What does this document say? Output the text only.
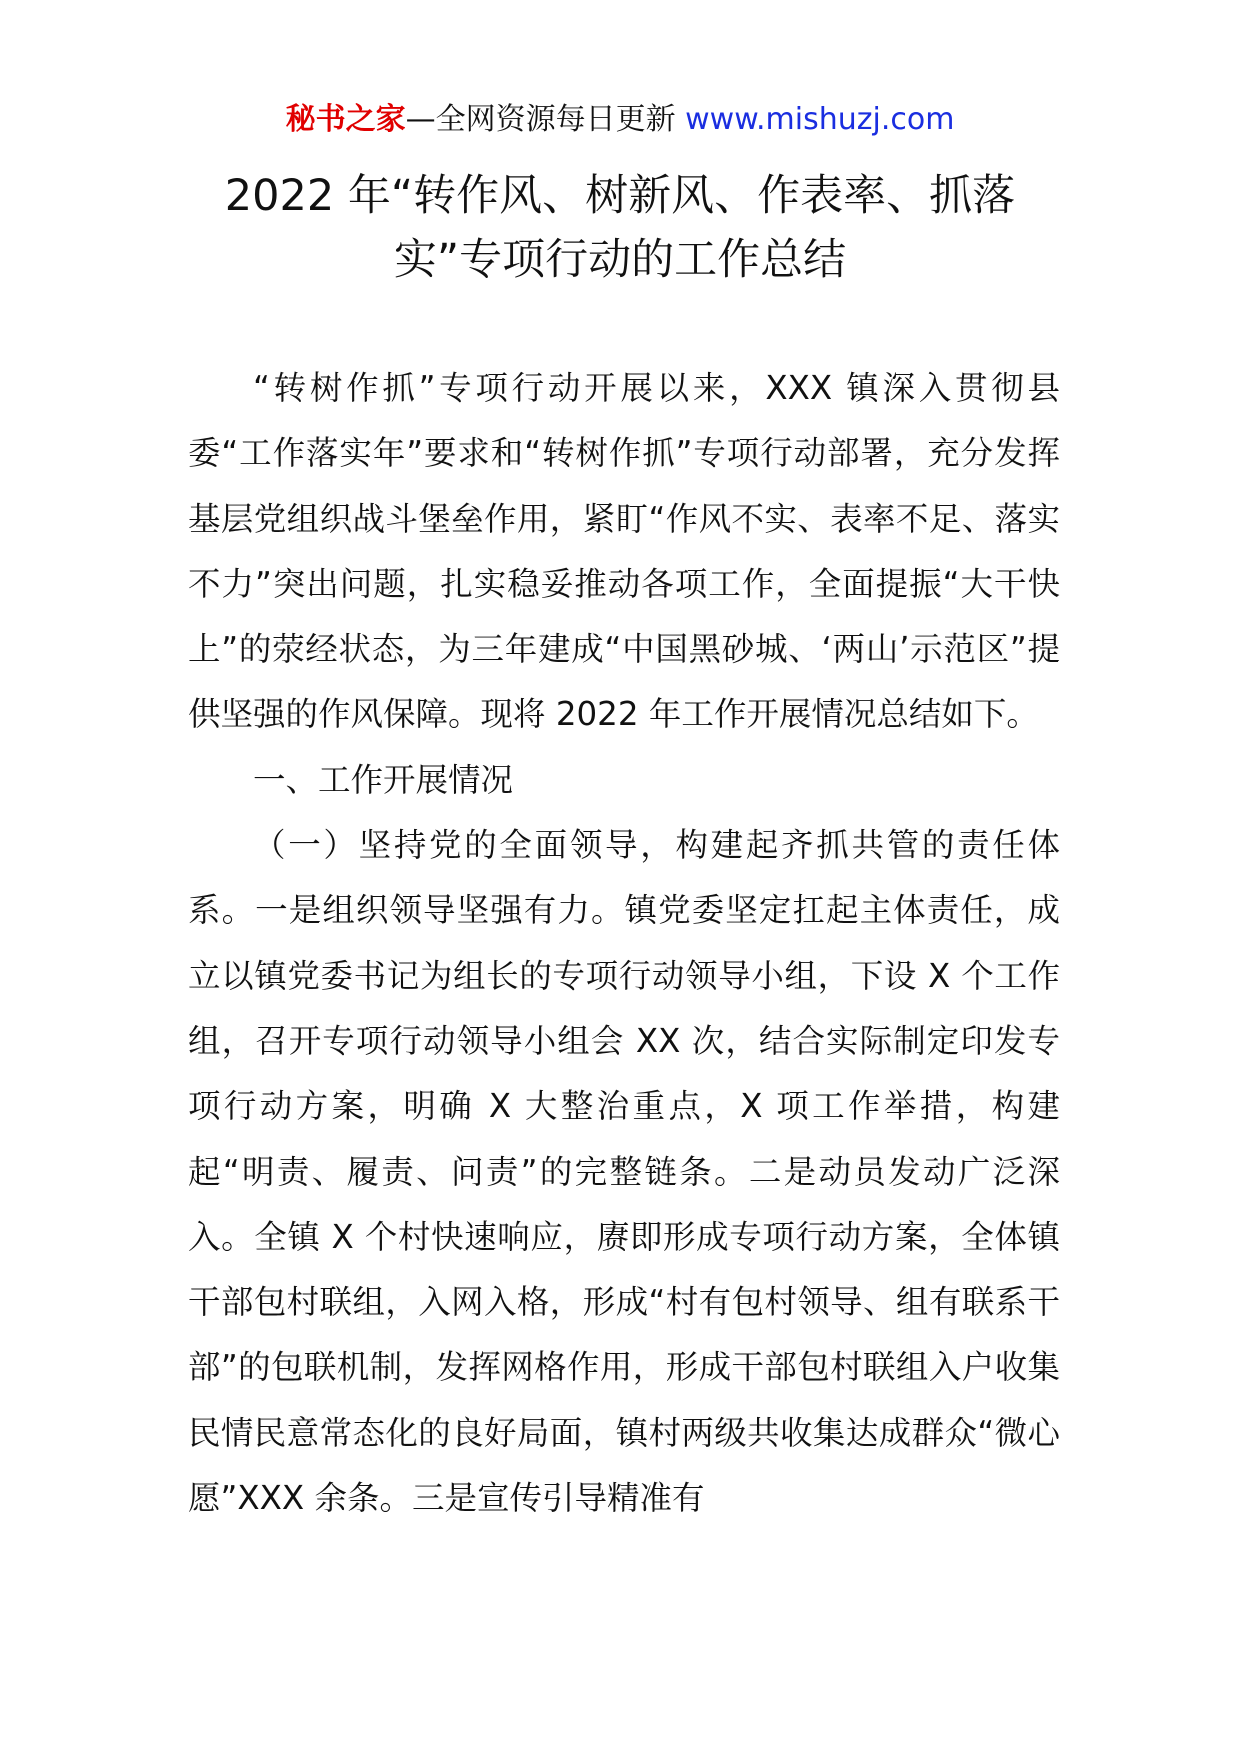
秘书之家—全网资源每日更新 www.mishuzj.com
2022 年“转作风、树新风、作表率、抓落
实”专项行动的工作总结

“转树作抓”专项行动开展以来，XXX 镇深入贯彻县委“工作落实年”要求和“转树作抓”专项行动部署，充分发挥基层党组织战斗堡垒作用，紧盯“作风不实、表率不足、落实不力”突出问题，扎实稳妥推动各项工作，全面提振“大干快上”的荥经状态，为三年建成“中国黑砂城、‘两山’示范区”提供坚强的作风保障。现将 2022 年工作开展情况总结如下。

一、工作开展情况

（一）坚持党的全面领导，构建起齐抓共管的责任体系。一是组织领导坚强有力。镇党委坚定扛起主体责任，成立以镇党委书记为组长的专项行动领导小组，下设 X 个工作组，召开专项行动领导小组会 XX 次，结合实际制定印发专项行动方案，明确 X 大整治重点，X 项工作举措，构建起“明责、履责、问责”的完整链条。二是动员发动广泛深入。全镇 X 个村快速响应，赓即形成专项行动方案，全体镇干部包村联组，入网入格，形成“村有包村领导、组有联系干部”的包联机制，发挥网格作用，形成干部包村联组入户收集民情民意常态化的良好局面，镇村两级共收集达成群众“微心愿”XXX 余条。三是宣传引导精准有
